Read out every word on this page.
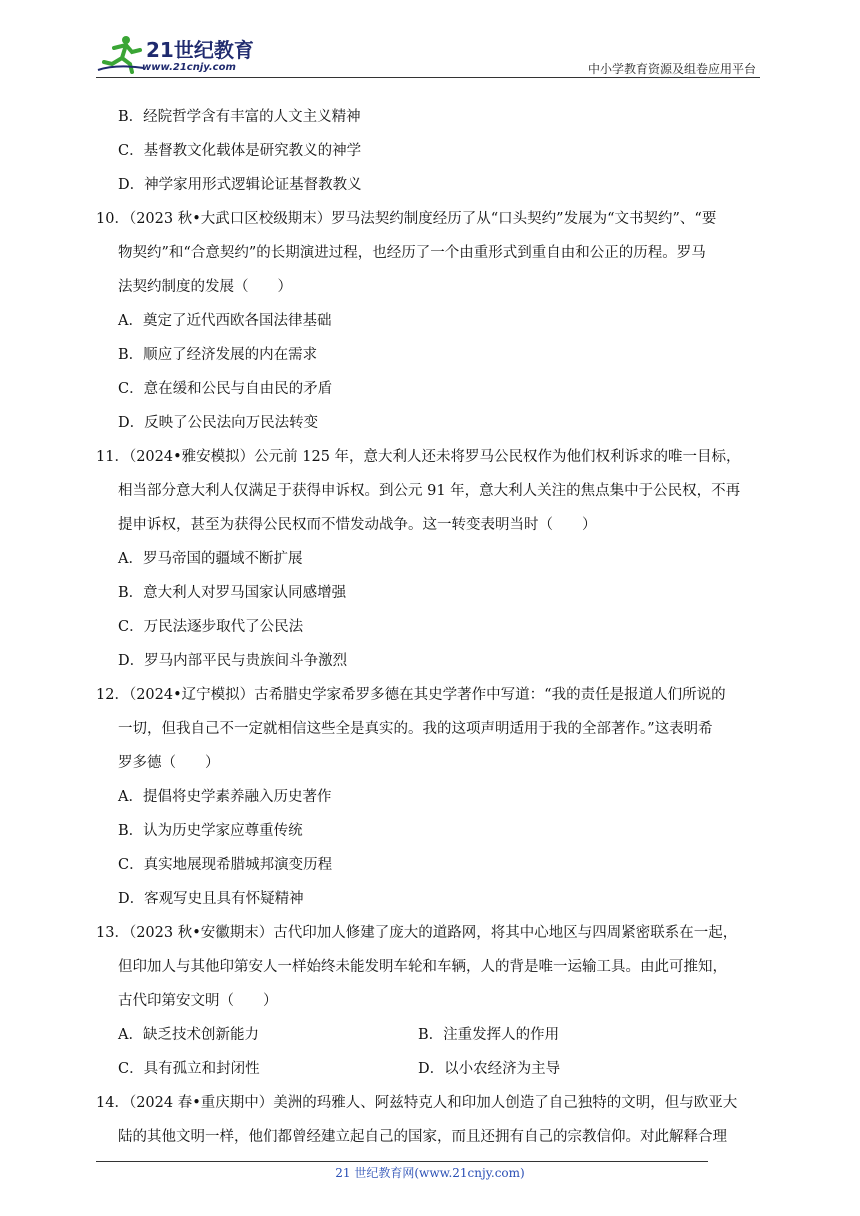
21世纪教育
www.21cnjy.com	中小学教育资源及组卷应用平台
B．经院哲学含有丰富的人文主义精神
C．基督教文化载体是研究教义的神学
D．神学家用形式逻辑论证基督教教义
10．（2023 秋•大武口区校级期末）罗马法契约制度经历了从“口头契约”发展为“文书契约”、“要
物契约”和“合意契约”的长期演进过程，也经历了一个由重形式到重自由和公正的历程。罗马
法契约制度的发展（　　）
A．奠定了近代西欧各国法律基础
B．顺应了经济发展的内在需求
C．意在缓和公民与自由民的矛盾
D．反映了公民法向万民法转变
11．（2024•雅安模拟）公元前 125 年，意大利人还未将罗马公民权作为他们权利诉求的唯一目标，
相当部分意大利人仅满足于获得申诉权。到公元 91 年，意大利人关注的焦点集中于公民权，不再
提申诉权，甚至为获得公民权而不惜发动战争。这一转变表明当时（　　）
A．罗马帝国的疆域不断扩展
B．意大利人对罗马国家认同感增强
C．万民法逐步取代了公民法
D．罗马内部平民与贵族间斗争激烈
12．（2024•辽宁模拟）古希腊史学家希罗多德在其史学著作中写道：“我的责任是报道人们所说的
一切，但我自己不一定就相信这些全是真实的。我的这项声明适用于我的全部著作。”这表明希
罗多德（　　）
A．提倡将史学素养融入历史著作
B．认为历史学家应尊重传统
C．真实地展现希腊城邦演变历程
D．客观写史且具有怀疑精神
13．（2023 秋•安徽期末）古代印加人修建了庞大的道路网，将其中心地区与四周紧密联系在一起，
但印加人与其他印第安人一样始终未能发明车轮和车辆，人的背是唯一运输工具。由此可推知，
古代印第安文明（　　）
A．缺乏技术创新能力	B．注重发挥人的作用
C．具有孤立和封闭性	D．以小农经济为主导
14．（2024 春•重庆期中）美洲的玛雅人、阿兹特克人和印加人创造了自己独特的文明，但与欧亚大
陆的其他文明一样，他们都曾经建立起自己的国家，而且还拥有自己的宗教信仰。对此解释合理
21 世纪教育网(www.21cnjy.com)
